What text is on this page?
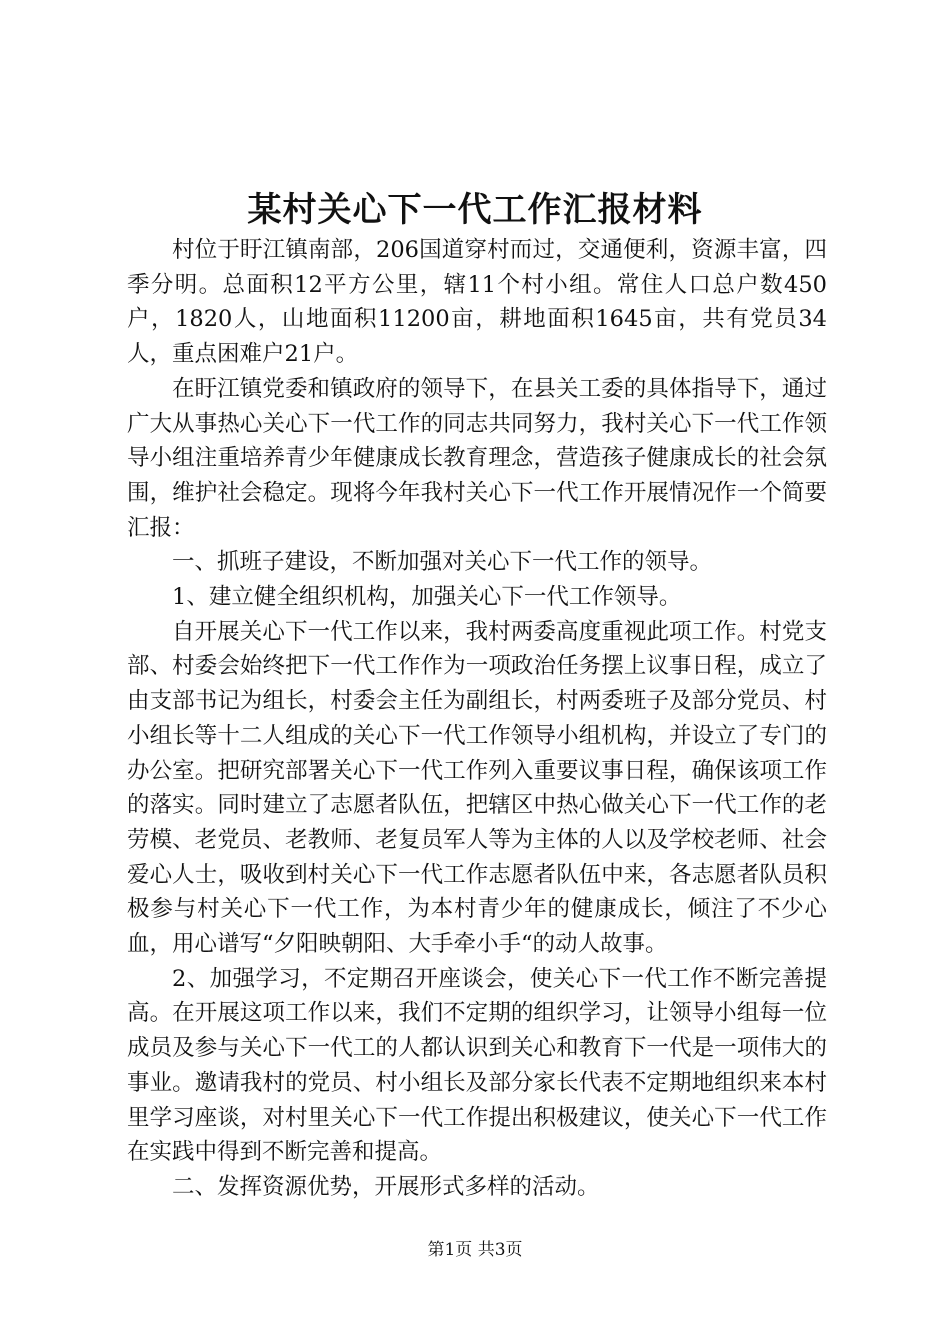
某村关心下一代工作汇报材料

村位于盱江镇南部，206国道穿村而过，交通便利，资源丰富，四季分明。总面积12平方公里，辖11个村小组。常住人口总户数450户，1820人，山地面积11200亩，耕地面积1645亩，共有党员34人，重点困难户21户。

在盱江镇党委和镇政府的领导下，在县关工委的具体指导下，通过广大从事热心关心下一代工作的同志共同努力，我村关心下一代工作领导小组注重培养青少年健康成长教育理念，营造孩子健康成长的社会氛围，维护社会稳定。现将今年我村关心下一代工作开展情况作一个简要汇报：

一、抓班子建设，不断加强对关心下一代工作的领导。

1、建立健全组织机构，加强关心下一代工作领导。

自开展关心下一代工作以来，我村两委高度重视此项工作。村党支部、村委会始终把下一代工作作为一项政治任务摆上议事日程，成立了由支部书记为组长，村委会主任为副组长，村两委班子及部分党员、村小组长等十二人组成的关心下一代工作领导小组机构，并设立了专门的办公室。把研究部署关心下一代工作列入重要议事日程，确保该项工作的落实。同时建立了志愿者队伍，把辖区中热心做关心下一代工作的老劳模、老党员、老教师、老复员军人等为主体的人以及学校老师、社会爱心人士，吸收到村关心下一代工作志愿者队伍中来，各志愿者队员积极参与村关心下一代工作，为本村青少年的健康成长，倾注了不少心血，用心谱写“夕阳映朝阳、大手牵小手“的动人故事。

2、加强学习，不定期召开座谈会，使关心下一代工作不断完善提高。在开展这项工作以来，我们不定期的组织学习，让领导小组每一位成员及参与关心下一代工的人都认识到关心和教育下一代是一项伟大的事业。邀请我村的党员、村小组长及部分家长代表不定期地组织来本村里学习座谈，对村里关心下一代工作提出积极建议，使关心下一代工作在实践中得到不断完善和提高。

二、发挥资源优势，开展形式多样的活动。

第1页 共3页
